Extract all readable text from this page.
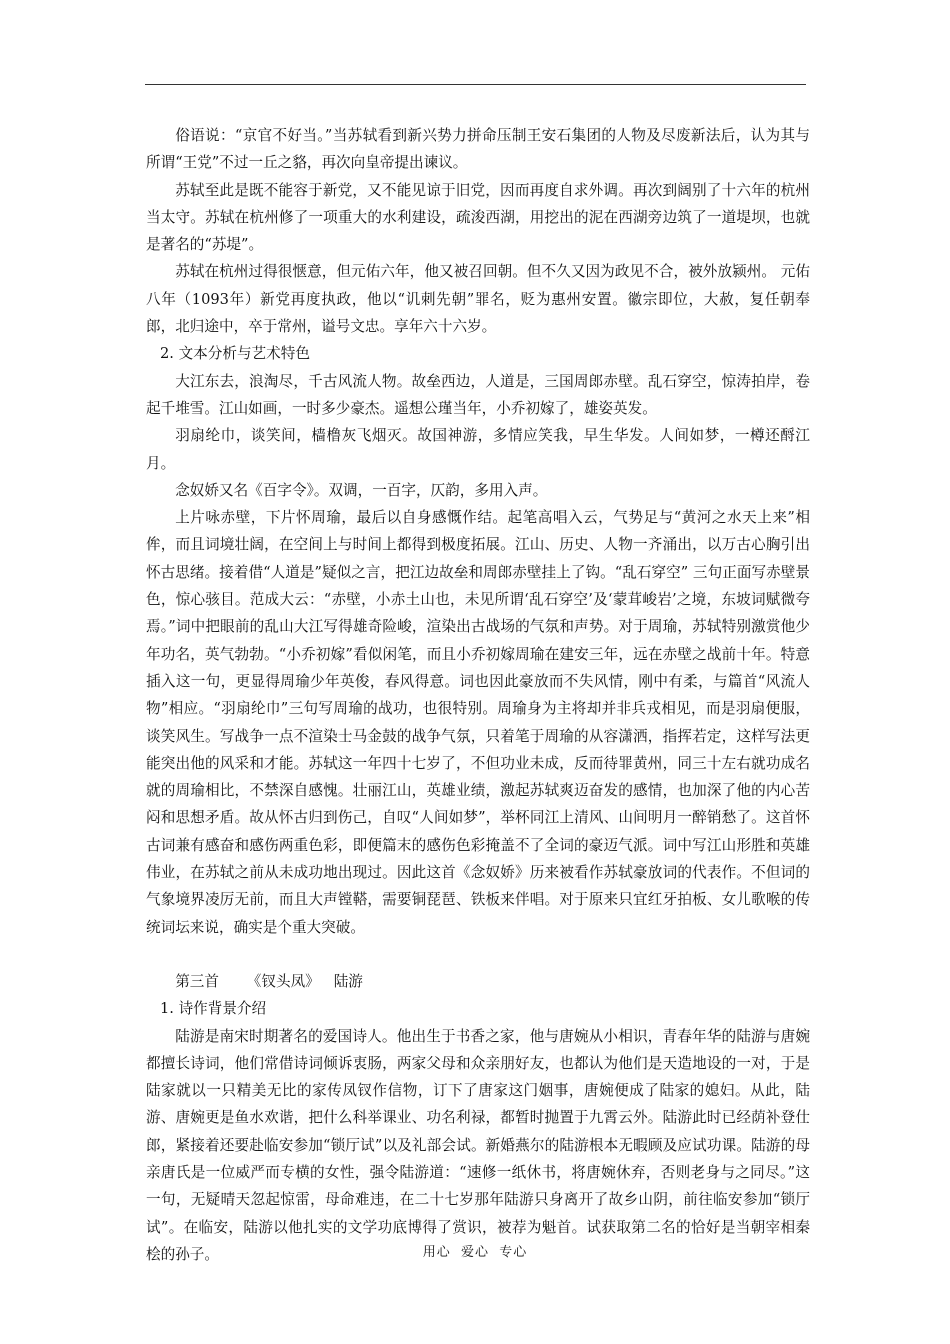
俗语说：“京官不好当。”当苏轼看到新兴势力拼命压制王安石集团的人物及尽废新法后，认为其与所谓“王党”不过一丘之貉，再次向皇帝提出谏议。

苏轼至此是既不能容于新党，又不能见谅于旧党，因而再度自求外调。再次到阔别了十六年的杭州当太守。苏轼在杭州修了一项重大的水利建设，疏浚西湖，用挖出的泥在西湖旁边筑了一道堤坝，也就是著名的“苏堤”。

苏轼在杭州过得很惬意，但元佑六年，他又被召回朝。但不久又因为政见不合，被外放颍州。 元佑八年（1093年）新党再度执政，他以“讥刺先朝”罪名，贬为惠州安置。徽宗即位，大赦，复任朝奉郎，北归途中，卒于常州，谥号文忠。享年六十六岁。

2. 文本分析与艺术特色

大江东去，浪淘尽，千古风流人物。故垒西边，人道是，三国周郎赤壁。乱石穿空，惊涛拍岸，卷起千堆雪。江山如画，一时多少豪杰。遥想公瑾当年，小乔初嫁了，雄姿英发。

羽扇纶巾，谈笑间，樯橹灰飞烟灭。故国神游，多情应笑我，早生华发。人间如梦，一樽还酹江月。

念奴娇又名《百字令》。双调，一百字，仄韵，多用入声。

上片咏赤壁，下片怀周瑜，最后以自身感慨作结。起笔高唱入云，气势足与“黄河之水天上来”相侔，而且词境壮阔，在空间上与时间上都得到极度拓展。江山、历史、人物一齐涌出，以万古心胸引出怀古思绪。接着借“人道是”疑似之言，把江边故垒和周郎赤壁挂上了钩。“乱石穿空” 三句正面写赤壁景色，惊心骇目。范成大云：“赤壁，小赤土山也，未见所谓‘乱石穿空’及‘蒙茸峻岩’之境，东坡词赋微夸焉。”词中把眼前的乱山大江写得雄奇险峻，渲染出古战场的气氛和声势。对于周瑜，苏轼特别激赏他少年功名，英气勃勃。“小乔初嫁”看似闲笔，而且小乔初嫁周瑜在建安三年，远在赤壁之战前十年。特意插入这一句，更显得周瑜少年英俊，春风得意。词也因此豪放而不失风情，刚中有柔，与篇首“风流人物”相应。“羽扇纶巾”三句写周瑜的战功，也很特别。周瑜身为主将却并非兵戎相见，而是羽扇便服，谈笑风生。写战争一点不渲染士马金鼓的战争气氛，只着笔于周瑜的从容潇洒，指挥若定，这样写法更能突出他的风采和才能。苏轼这一年四十七岁了，不但功业未成，反而待罪黄州，同三十左右就功成名就的周瑜相比，不禁深自感愧。壮丽江山，英雄业绩，激起苏轼爽迈奋发的感情，也加深了他的内心苦闷和思想矛盾。故从怀古归到伤己，自叹“人间如梦”，举杯同江上清风、山间明月一醉销愁了。这首怀古词兼有感奋和感伤两重色彩，即便篇末的感伤色彩掩盖不了全词的豪迈气派。词中写江山形胜和英雄伟业，在苏轼之前从未成功地出现过。因此这首《念奴娇》历来被看作苏轼豪放词的代表作。不但词的气象境界凌厉无前，而且大声镗鞳，需要铜琵琶、铁板来伴唱。对于原来只宜红牙拍板、女儿歌喉的传统词坛来说，确实是个重大突破。

第三首      《钗头凤》   陆游

1. 诗作背景介绍

陆游是南宋时期著名的爱国诗人。他出生于书香之家，他与唐婉从小相识，青春年华的陆游与唐婉都擅长诗词，他们常借诗词倾诉衷肠，两家父母和众亲朋好友，也都认为他们是天造地设的一对，于是陆家就以一只精美无比的家传凤钗作信物，订下了唐家这门姻事，唐婉便成了陆家的媳妇。从此，陆游、唐婉更是鱼水欢谐，把什么科举课业、功名利禄，都暂时抛置于九霄云外。陆游此时已经荫补登仕郎，紧接着还要赴临安参加“锁厅试”以及礼部会试。新婚燕尔的陆游根本无暇顾及应试功课。陆游的母亲唐氏是一位威严而专横的女性，强令陆游道：“速修一纸休书，将唐婉休弃，否则老身与之同尽。”这一句，无疑晴天忽起惊雷，母命难违，在二十七岁那年陆游只身离开了故乡山阴，前往临安参加“锁厅试”。在临安，陆游以他扎实的文学功底博得了赏识，被荐为魁首。试获取第二名的恰好是当朝宰相秦桧的孙子。	用心  爱心  专心
